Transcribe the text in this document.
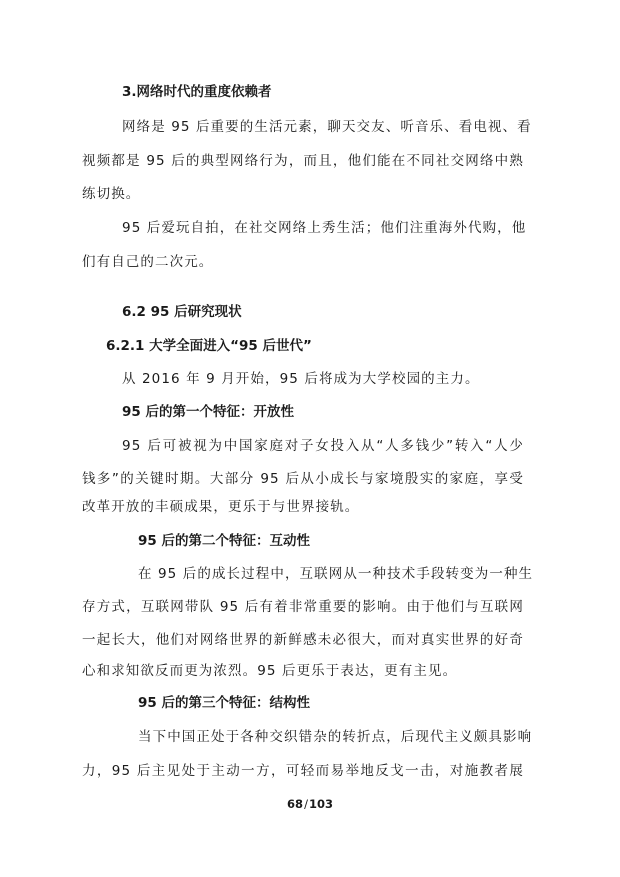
3.网络时代的重度依赖者
网络是 95 后重要的生活元素，聊天交友、听音乐、看电视、看
视频都是 95 后的典型网络行为，而且，他们能在不同社交网络中熟
练切换。
95 后爱玩自拍，在社交网络上秀生活；他们注重海外代购，他
们有自己的二次元。
6.2 95 后研究现状
6.2.1 大学全面进入“95 后世代”
从 2016 年 9 月开始，95 后将成为大学校园的主力。
95 后的第一个特征：开放性
95 后可被视为中国家庭对子女投入从“人多钱少”转入“人少
钱多”的关键时期。大部分 95 后从小成长与家境殷实的家庭，享受
改革开放的丰硕成果，更乐于与世界接轨。
95 后的第二个特征：互动性
在 95 后的成长过程中，互联网从一种技术手段转变为一种生
存方式，互联网带队 95 后有着非常重要的影响。由于他们与互联网
一起长大，他们对网络世界的新鲜感未必很大，而对真实世界的好奇
心和求知欲反而更为浓烈。95 后更乐于表达，更有主见。
95 后的第三个特征：结构性
当下中国正处于各种交织错杂的转折点，后现代主义颇具影响
力，95 后主见处于主动一方，可轻而易举地反戈一击，对施教者展
68/103
